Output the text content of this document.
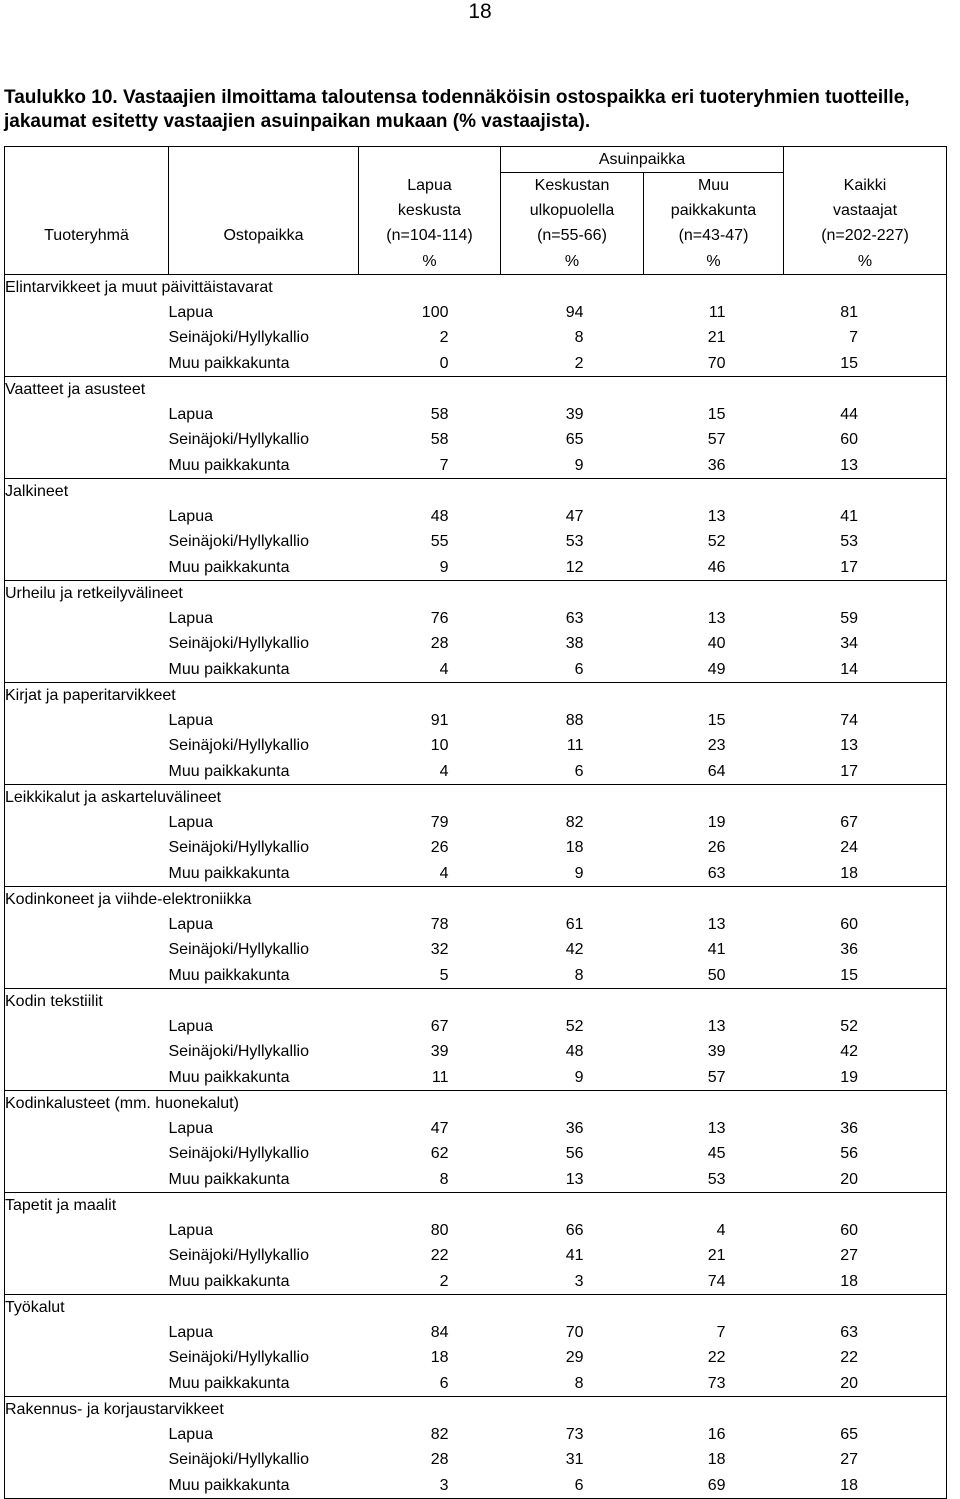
18
Taulukko 10. Vastaajien ilmoittama taloutensa todennäköisin ostospaikka eri tuoteryhmien tuotteille, jakaumat esitetty vastaajien asuinpaikan mukaan (% vastaajista).
			Asuinpaikka		
		Lapua	Keskustan	Muu	Kaikki
		keskusta	ulkopuolella	paikkakunta	vastaajat
Tuoteryhmä	Ostopaikka	(n=104-114)	(n=55-66)	(n=43-47)	(n=202-227)
		%	%	%	%
Elintarvikkeet ja muut päivittäistavarat					
	Lapua	100	94	11	81
	Seinäjoki/Hyllykallio	2	8	21	7
	Muu paikkakunta	0	2	70	15
Vaatteet ja asusteet					
	Lapua	58	39	15	44
	Seinäjoki/Hyllykallio	58	65	57	60
	Muu paikkakunta	7	9	36	13
Jalkineet					
	Lapua	48	47	13	41
	Seinäjoki/Hyllykallio	55	53	52	53
	Muu paikkakunta	9	12	46	17
Urheilu ja retkeilyvälineet					
	Lapua	76	63	13	59
	Seinäjoki/Hyllykallio	28	38	40	34
	Muu paikkakunta	4	6	49	14
Kirjat ja paperitarvikkeet					
	Lapua	91	88	15	74
	Seinäjoki/Hyllykallio	10	11	23	13
	Muu paikkakunta	4	6	64	17
Leikkikalut ja askarteluvälineet					
	Lapua	79	82	19	67
	Seinäjoki/Hyllykallio	26	18	26	24
	Muu paikkakunta	4	9	63	18
Kodinkoneet ja viihde-elektroniikka					
	Lapua	78	61	13	60
	Seinäjoki/Hyllykallio	32	42	41	36
	Muu paikkakunta	5	8	50	15
Kodin tekstiilit					
	Lapua	67	52	13	52
	Seinäjoki/Hyllykallio	39	48	39	42
	Muu paikkakunta	11	9	57	19
Kodinkalusteet (mm. huonekalut)					
	Lapua	47	36	13	36
	Seinäjoki/Hyllykallio	62	56	45	56
	Muu paikkakunta	8	13	53	20
Tapetit ja maalit					
	Lapua	80	66	4	60
	Seinäjoki/Hyllykallio	22	41	21	27
	Muu paikkakunta	2	3	74	18
Työkalut					
	Lapua	84	70	7	63
	Seinäjoki/Hyllykallio	18	29	22	22
	Muu paikkakunta	6	8	73	20
Rakennus- ja korjaustarvikkeet					
	Lapua	82	73	16	65
	Seinäjoki/Hyllykallio	28	31	18	27
	Muu paikkakunta	3	6	69	18
